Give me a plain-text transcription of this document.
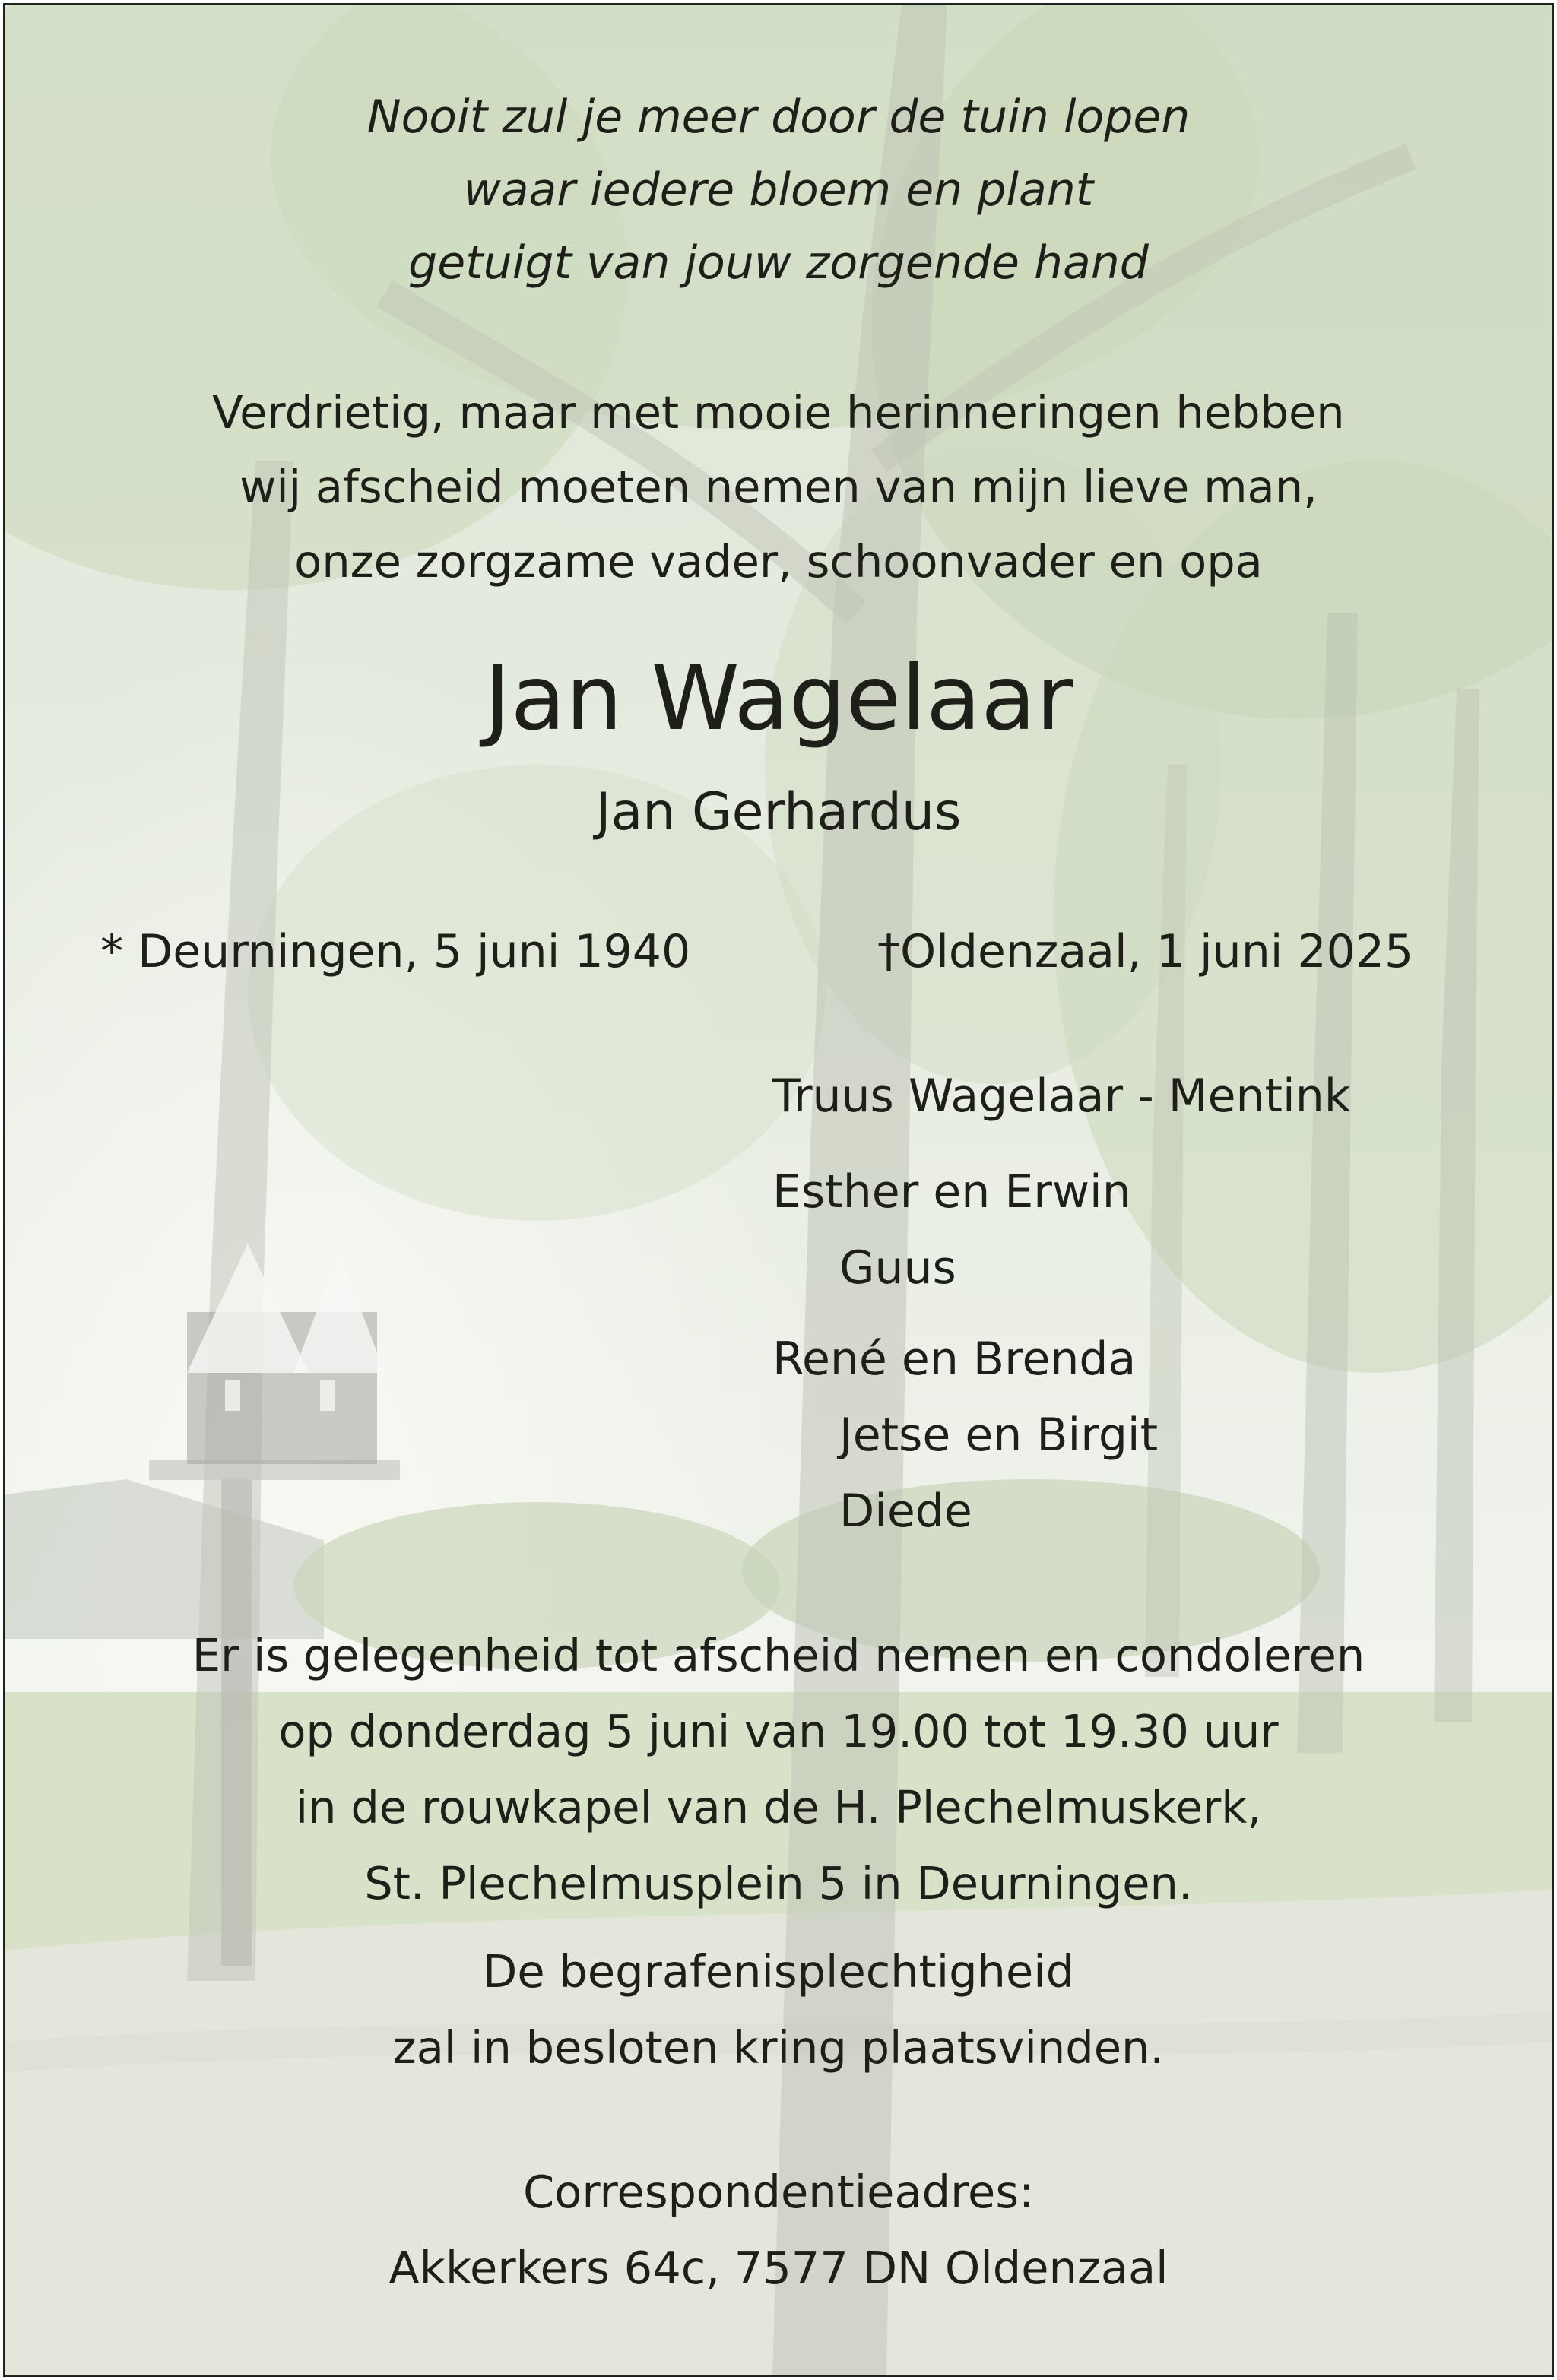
Nooit zul je meer door de tuin lopen
waar iedere bloem en plant
getuigt van jouw zorgende hand
Verdrietig, maar met mooie herinneringen hebben
wij afscheid moeten nemen van mijn lieve man,
onze zorgzame vader, schoonvader en opa
Jan Wagelaar
Jan Gerhardus
* Deurningen, 5 juni 1940	†Oldenzaal, 1 juni 2025
Truus Wagelaar - Mentink
Esther en Erwin
Guus
René en Brenda
Jetse en Birgit
Diede
Er is gelegenheid tot afscheid nemen en condoleren
op donderdag 5 juni van 19.00 tot 19.30 uur
in de rouwkapel van de H. Plechelmuskerk,
St. Plechelmusplein 5 in Deurningen.
De begrafenisplechtigheid
zal in besloten kring plaatsvinden.
Correspondentieadres:
Akkerkers 64c, 7577 DN Oldenzaal
